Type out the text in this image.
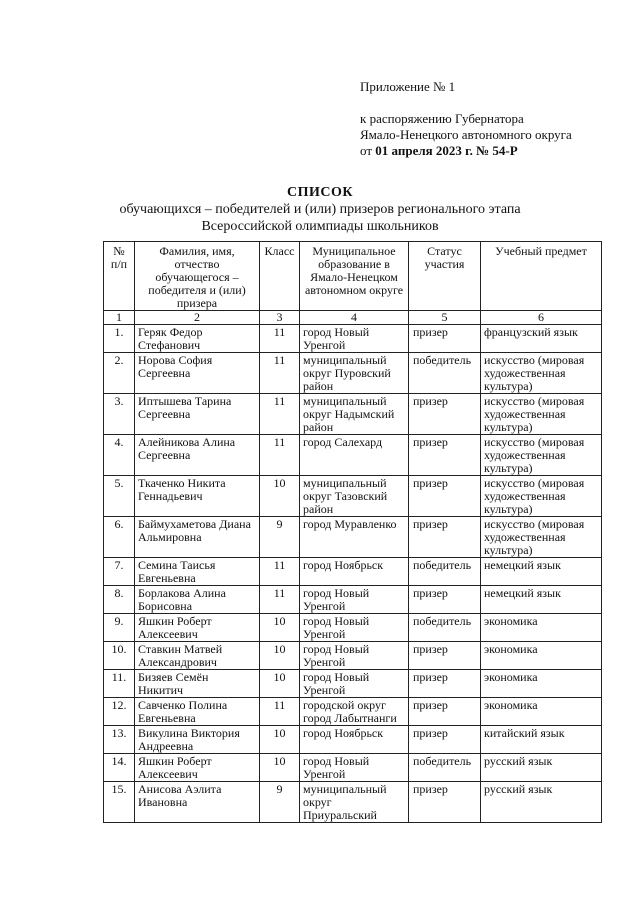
Приложение № 1
к распоряжению Губернатора
Ямало-Ненецкого автономного округа
от 01 апреля 2023 г. № 54-Р
СПИСОК
обучающихся – победителей и (или) призеров регионального этапа
Всероссийской олимпиады школьников
№ п/п	Фамилия, имя, отчество обучающегося – победителя и (или) призера	Класс	Муниципальное образование в Ямало-Ненецком автономном округе	Статус участия	Учебный предмет
1	2	3	4	5	6
1.	Геряк Федор Стефанович	11	город Новый Уренгой	призер	французский язык
2.	Норова София Сергеевна	11	муниципальный округ Пуровский район	победитель	искусство (мировая художественная культура)
3.	Иптышева Тарина Сергеевна	11	муниципальный округ Надымский район	призер	искусство (мировая художественная культура)
4.	Алейникова Алина Сергеевна	11	город Салехард	призер	искусство (мировая художественная культура)
5.	Ткаченко Никита Геннадьевич	10	муниципальный округ Тазовский район	призер	искусство (мировая художественная культура)
6.	Баймухаметова Диана Альмировна	9	город Муравленко	призер	искусство (мировая художественная культура)
7.	Семина Таисья Евгеньевна	11	город Ноябрьск	победитель	немецкий язык
8.	Борлакова Алина Борисовна	11	город Новый Уренгой	призер	немецкий язык
9.	Яшкин Роберт Алексеевич	10	город Новый Уренгой	победитель	экономика
10.	Ставкин Матвей Александрович	10	город Новый Уренгой	призер	экономика
11.	Бизяев Семён Никитич	10	город Новый Уренгой	призер	экономика
12.	Савченко Полина Евгеньевна	11	городской округ город Лабытнанги	призер	экономика
13.	Викулина Виктория Андреевна	10	город Ноябрьск	призер	китайский язык
14.	Яшкин Роберт Алексеевич	10	город Новый Уренгой	победитель	русский язык
15.	Анисова Аэлита Ивановна	9	муниципальный округ Приуральский	призер	русский язык
